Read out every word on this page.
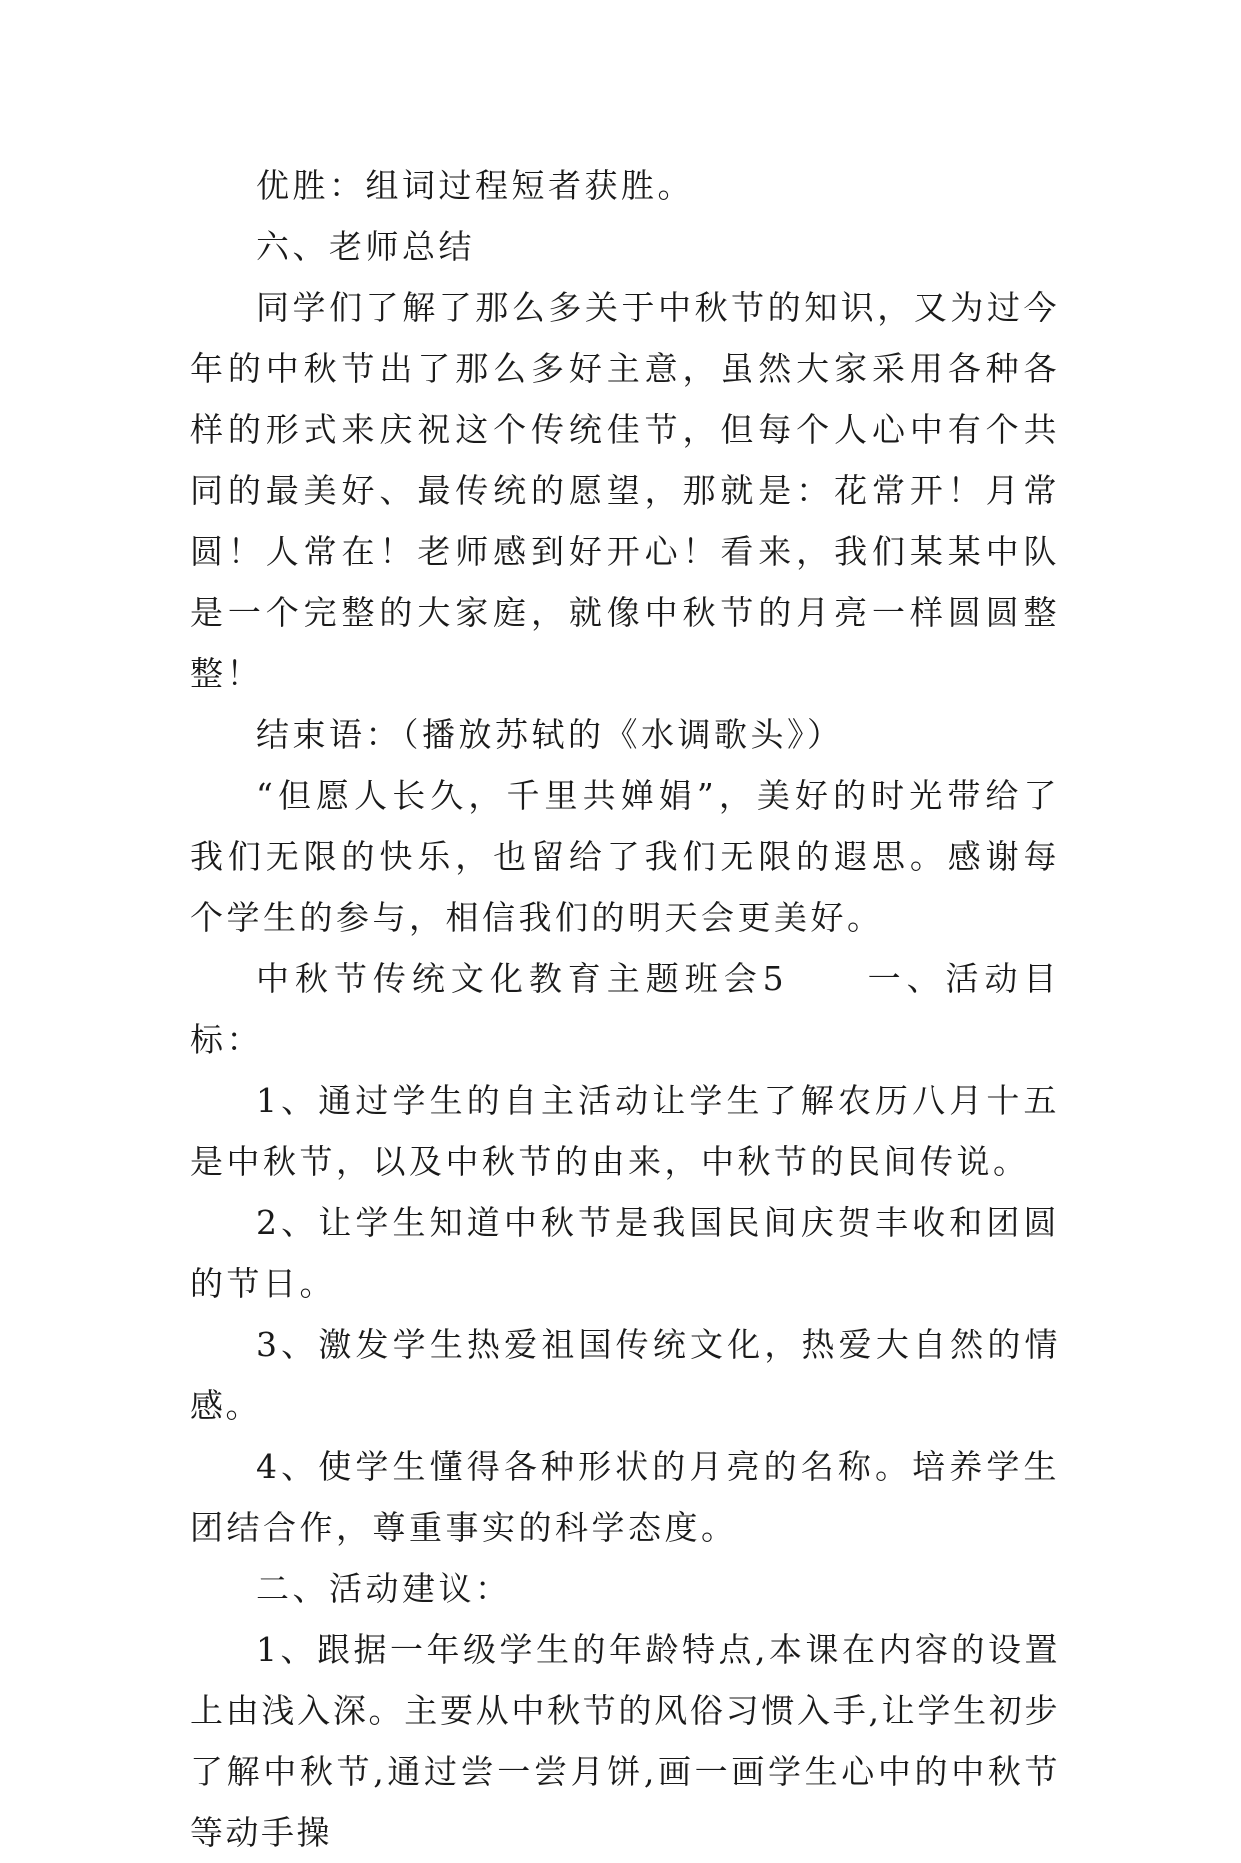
优胜：组词过程短者获胜。

六、老师总结

同学们了解了那么多关于中秋节的知识，又为过今年的中秋节出了那么多好主意，虽然大家采用各种各样的形式来庆祝这个传统佳节，但每个人心中有个共同的最美好、最传统的愿望，那就是：花常开！月常圆！人常在！老师感到好开心！看来，我们某某中队是一个完整的大家庭，就像中秋节的月亮一样圆圆整整！

结束语：（播放苏轼的《水调歌头》）

“但愿人长久，千里共婵娟”，美好的时光带给了我们无限的快乐，也留给了我们无限的遐思。感谢每个学生的参与，相信我们的明天会更美好。

中秋节传统文化教育主题班会5　　一、活动目标：

1、通过学生的自主活动让学生了解农历八月十五是中秋节，以及中秋节的由来，中秋节的民间传说。

2、让学生知道中秋节是我国民间庆贺丰收和团圆的节日。

3、激发学生热爱祖国传统文化，热爱大自然的情感。

4、使学生懂得各种形状的月亮的名称。培养学生团结合作，尊重事实的科学态度。

二、活动建议：

1、跟据一年级学生的年龄特点,本课在内容的设置上由浅入深。主要从中秋节的风俗习惯入手,让学生初步了解中秋节,通过尝一尝月饼,画一画学生心中的中秋节等动手操
